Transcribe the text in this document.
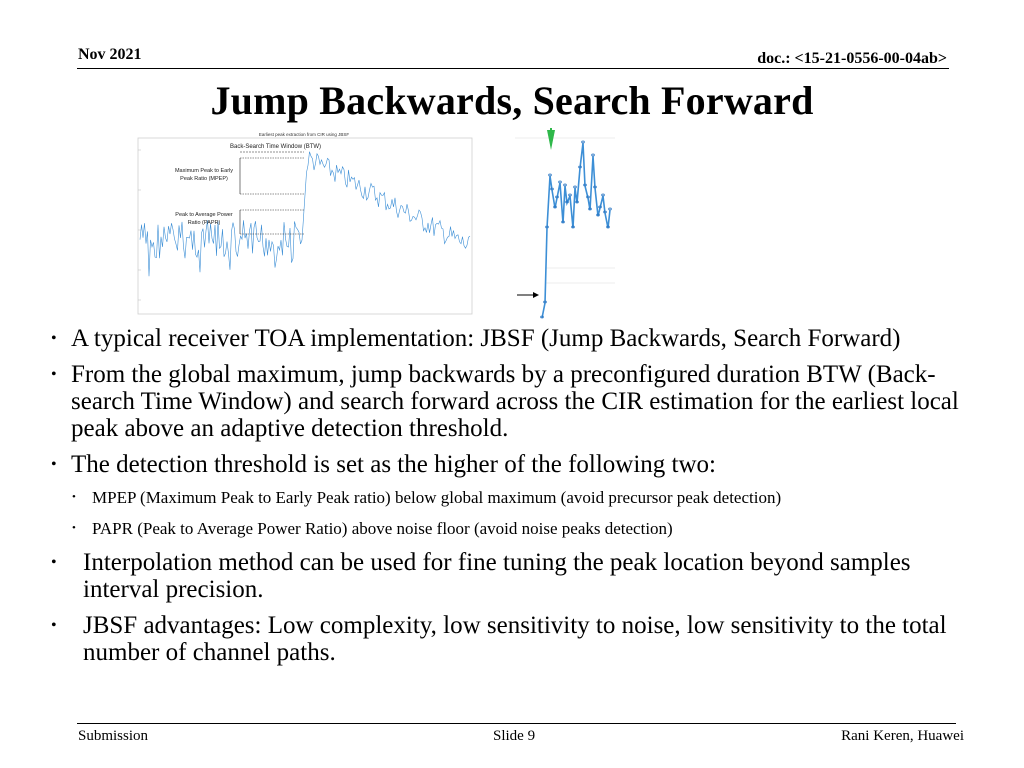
Nov 2021	doc.: <15-21-0556-00-04ab>
Jump Backwards, Search Forward
Earliest peak extraction from CIR using JBSF
Back-Search Time Window (BTW)
Maximum Peak to Early
Peak Ratio (MPEP)
Peak to Average Power
Ratio (PAPR)
*
*
*
*
*
*
*
*
*
*
*
*
*
*
*
*
*
*
*
*
*
*
*
*
*
*
*
*
• A typical receiver TOA implementation: JBSF (Jump Backwards, Search Forward)
• From the global maximum, jump backwards by a preconfigured duration BTW (Back-search Time Window) and search forward across the CIR estimation for the earliest local peak above an adaptive detection threshold.
• The detection threshold is set as the higher of the following two:
• MPEP (Maximum Peak to Early Peak ratio) below global maximum (avoid precursor peak detection)
• PAPR (Peak to Average Power Ratio) above noise floor (avoid noise peaks detection)
• Interpolation method can be used for fine tuning the peak location beyond samples interval precision.
• JBSF advantages: Low complexity, low sensitivity to noise, low sensitivity to the total number of channel paths.
Submission	Slide 9	Rani Keren, Huawei
